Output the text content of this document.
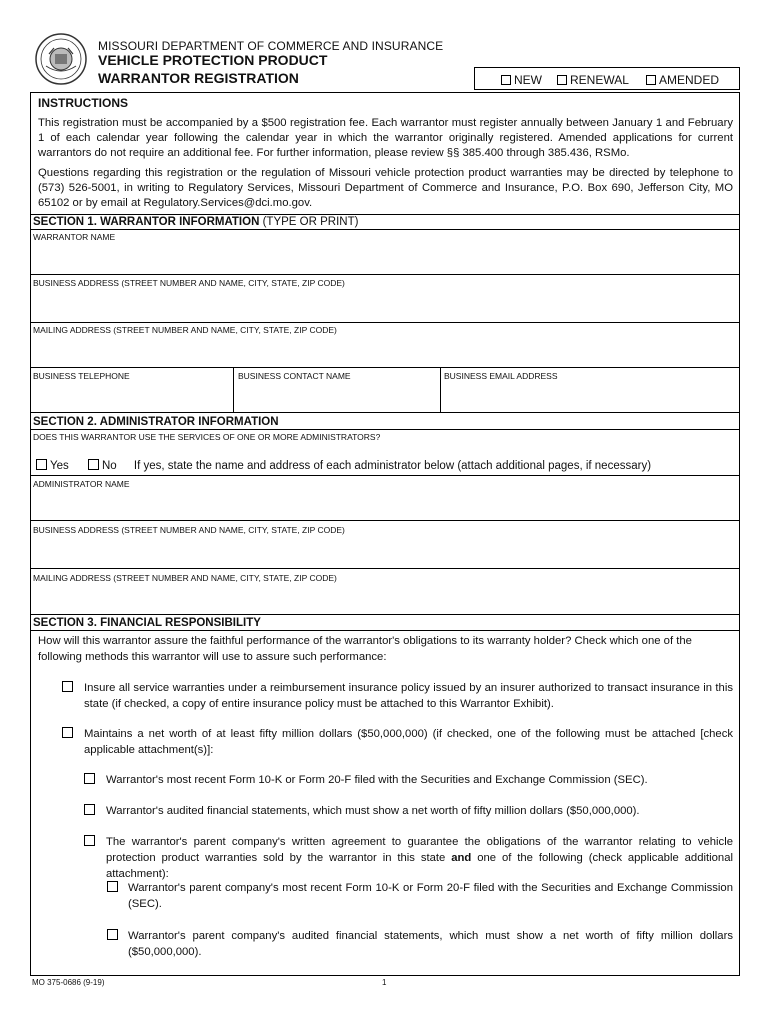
MISSOURI DEPARTMENT OF COMMERCE AND INSURANCE
VEHICLE PROTECTION PRODUCT
WARRANTOR REGISTRATION	NEW	RENEWAL	AMENDED
INSTRUCTIONS

This registration must be accompanied by a $500 registration fee. Each warrantor must register annually between January 1 and February 1 of each calendar year following the calendar year in which the warrantor originally registered. Amended applications for current warrantors do not require an additional fee. For further information, please review §§ 385.400 through 385.436, RSMo.

Questions regarding this registration or the regulation of Missouri vehicle protection product warranties may be directed by telephone to (573) 526-5001, in writing to Regulatory Services, Missouri Department of Commerce and Insurance, P.O. Box 690, Jefferson City, MO 65102 or by email at Regulatory.Services@dci.mo.gov.

SECTION 1. WARRANTOR INFORMATION (TYPE OR PRINT)
WARRANTOR NAME
BUSINESS ADDRESS (STREET NUMBER AND NAME, CITY, STATE, ZIP CODE)
MAILING ADDRESS (STREET NUMBER AND NAME, CITY, STATE, ZIP CODE)
BUSINESS TELEPHONE	BUSINESS CONTACT NAME	BUSINESS EMAIL ADDRESS
SECTION 2. ADMINISTRATOR INFORMATION
DOES THIS WARRANTOR USE THE SERVICES OF ONE OR MORE ADMINISTRATORS?
Yes	No If yes, state the name and address of each administrator below (attach additional pages, if necessary)
ADMINISTRATOR NAME
BUSINESS ADDRESS (STREET NUMBER AND NAME, CITY, STATE, ZIP CODE)
MAILING ADDRESS (STREET NUMBER AND NAME, CITY, STATE, ZIP CODE)
SECTION 3. FINANCIAL RESPONSIBILITY

How will this warrantor assure the faithful performance of the warrantor's obligations to its warranty holder? Check which one of the following methods this warrantor will use to assure such performance:

Insure all service warranties under a reimbursement insurance policy issued by an insurer authorized to transact insurance in this state (if checked, a copy of entire insurance policy must be attached to this Warrantor Exhibit).

Maintains a net worth of at least fifty million dollars ($50,000,000) (if checked, one of the following must be attached [check applicable attachment(s)]:

Warrantor's most recent Form 10-K or Form 20-F filed with the Securities and Exchange Commission (SEC).

Warrantor's audited financial statements, which must show a net worth of fifty million dollars ($50,000,000).

The warrantor's parent company's written agreement to guarantee the obligations of the warrantor relating to vehicle protection product warranties sold by the warrantor in this state and one of the following (check applicable additional attachment):

Warrantor's parent company's most recent Form 10-K or Form 20-F filed with the Securities and Exchange Commission (SEC).

Warrantor's parent company's audited financial statements, which must show a net worth of fifty million dollars ($50,000,000).

MO 375-0686 (9-19)	1
